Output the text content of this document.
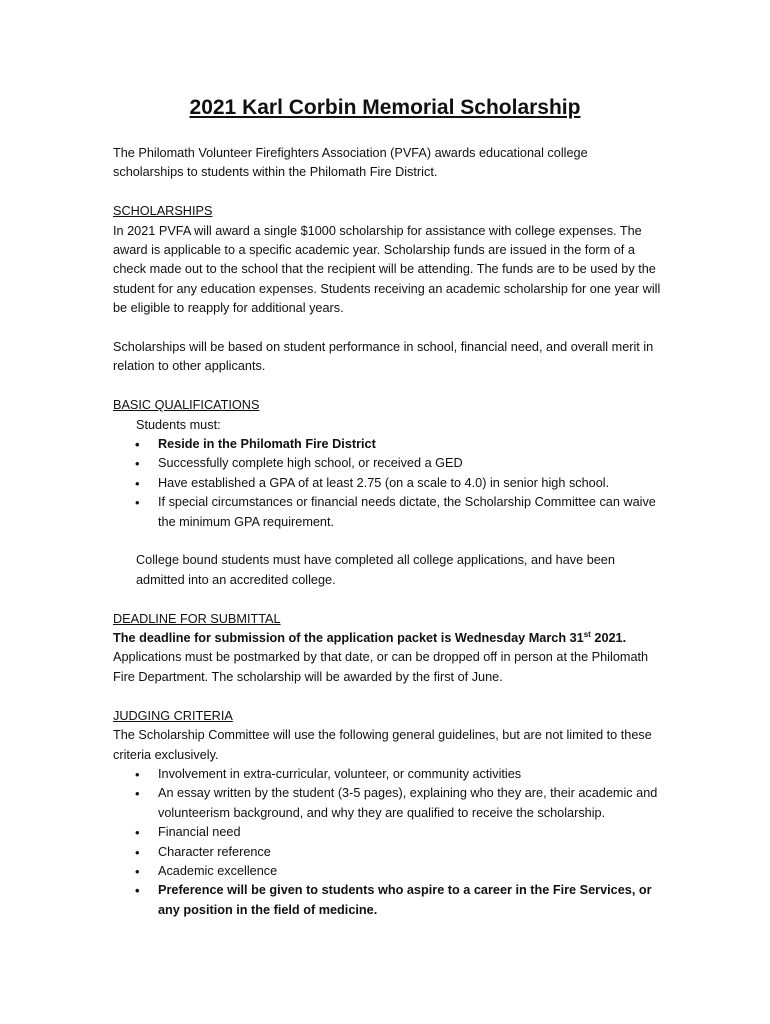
2021 Karl Corbin Memorial Scholarship

The Philomath Volunteer Firefighters Association (PVFA) awards educational college scholarships to students within the Philomath Fire District.

SCHOLARSHIPS

In 2021 PVFA will award a single $1000 scholarship for assistance with college expenses. The award is applicable to a specific academic year. Scholarship funds are issued in the form of a check made out to the school that the recipient will be attending. The funds are to be used by the student for any education expenses. Students receiving an academic scholarship for one year will be eligible to reapply for additional years.

Scholarships will be based on student performance in school, financial need, and overall merit in relation to other applicants.

BASIC QUALIFICATIONS

Students must:

• Reside in the Philomath Fire District
• Successfully complete high school, or received a GED
• Have established a GPA of at least 2.75 (on a scale to 4.0) in senior high school.
• If special circumstances or financial needs dictate, the Scholarship Committee can waive the minimum GPA requirement.

College bound students must have completed all college applications, and have been admitted into an accredited college.

DEADLINE FOR SUBMITTAL

The deadline for submission of the application packet is Wednesday March 31st 2021.

Applications must be postmarked by that date, or can be dropped off in person at the Philomath Fire Department. The scholarship will be awarded by the first of June.

JUDGING CRITERIA

The Scholarship Committee will use the following general guidelines, but are not limited to these criteria exclusively.

• Involvement in extra-curricular, volunteer, or community activities
• An essay written by the student (3-5 pages), explaining who they are, their academic and volunteerism background, and why they are qualified to receive the scholarship.
• Financial need
• Character reference
• Academic excellence
• Preference will be given to students who aspire to a career in the Fire Services, or any position in the field of medicine.
